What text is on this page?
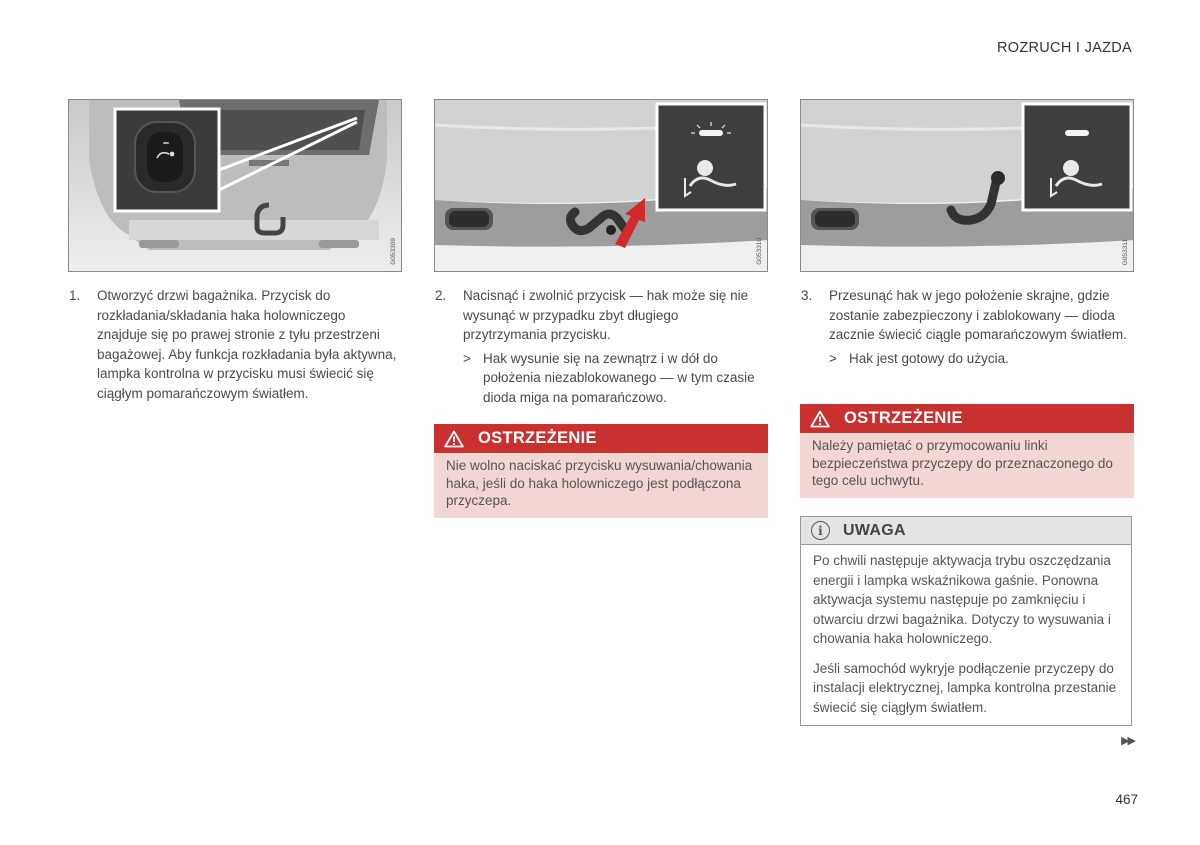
ROZRUCH I JAZDA
G053309	G053310	G053311
1. Otworzyć drzwi bagażnika. Przycisk do rozkładania/składania haka holowniczego znajduje się po prawej stronie z tyłu przestrzeni bagażowej. Aby funkcja rozkładania była aktywna, lampka kontrolna w przycisku musi świecić się ciągłym pomarańczowym światłem.
2. Nacisnąć i zwolnić przycisk — hak może się nie wysunąć w przypadku zbyt długiego przytrzymania przycisku.
> Hak wysunie się na zewnątrz i w dół do położenia niezablokowanego — w tym czasie dioda miga na pomarańczowo.
OSTRZEŻENIE
Nie wolno naciskać przycisku wysuwania/chowania haka, jeśli do haka holowniczego jest podłączona przyczepa.
3. Przesunąć hak w jego położenie skrajne, gdzie zostanie zabezpieczony i zablokowany — dioda zacznie świecić ciągle pomarańczowym światłem.
> Hak jest gotowy do użycia.
OSTRZEŻENIE
Należy pamiętać o przymocowaniu linki bezpieczeństwa przyczepy do przeznaczonego do tego celu uchwytu.
i	UWAGA

Po chwili następuje aktywacja trybu oszczędzania energii i lampka wskaźnikowa gaśnie. Ponowna aktywacja systemu następuje po zamknięciu i otwarciu drzwi bagażnika. Dotyczy to wysuwania i chowania haka holowniczego.

Jeśli samochód wykryje podłączenie przyczepy do instalacji elektrycznej, lampka kontrolna przestanie świecić się ciągłym światłem.

▶▶
467
